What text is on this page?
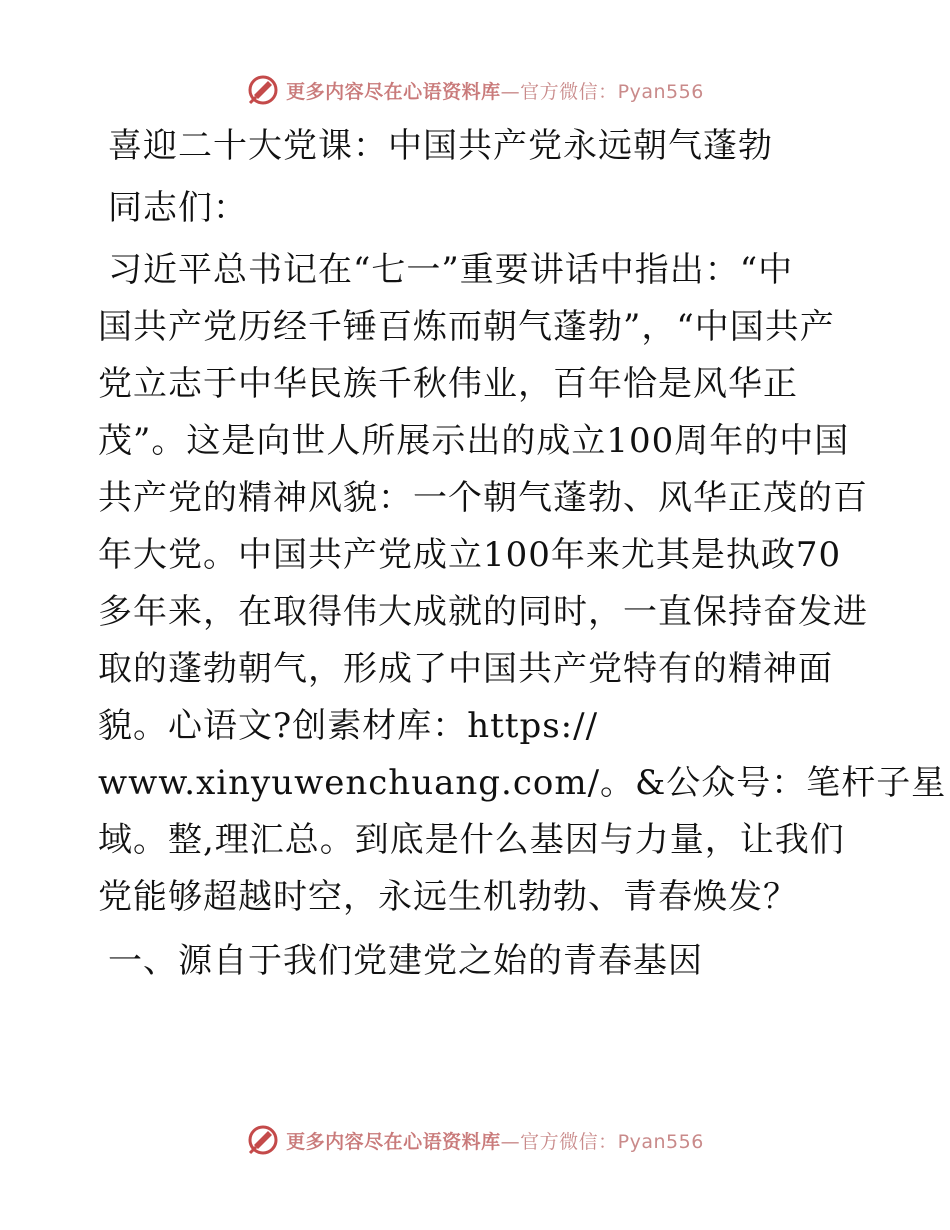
更多内容尽在心语资料库—官方微信：Pyan556
喜迎二十大党课：中国共产党永远朝气蓬勃
同志们：
习近平总书记在“七一”重要讲话中指出：“中
国共产党历经千锤百炼而朝气蓬勃”，“中国共产
党立志于中华民族千秋伟业，百年恰是风华正
茂”。这是向世人所展示出的成立100周年的中国
共产党的精神风貌：一个朝气蓬勃、风华正茂的百
年大党。中国共产党成立100年来尤其是执政70
多年来，在取得伟大成就的同时，一直保持奋发进
取的蓬勃朝气，形成了中国共产党特有的精神面
貌。心语文?创素材库：https://
www.xinyuwenchuang.com/。&公众号：笔杆子星
域。整,理汇总。到底是什么基因与力量，让我们
党能够超越时空，永远生机勃勃、青春焕发？
一、源自于我们党建党之始的青春基因
更多内容尽在心语资料库—官方微信：Pyan556
